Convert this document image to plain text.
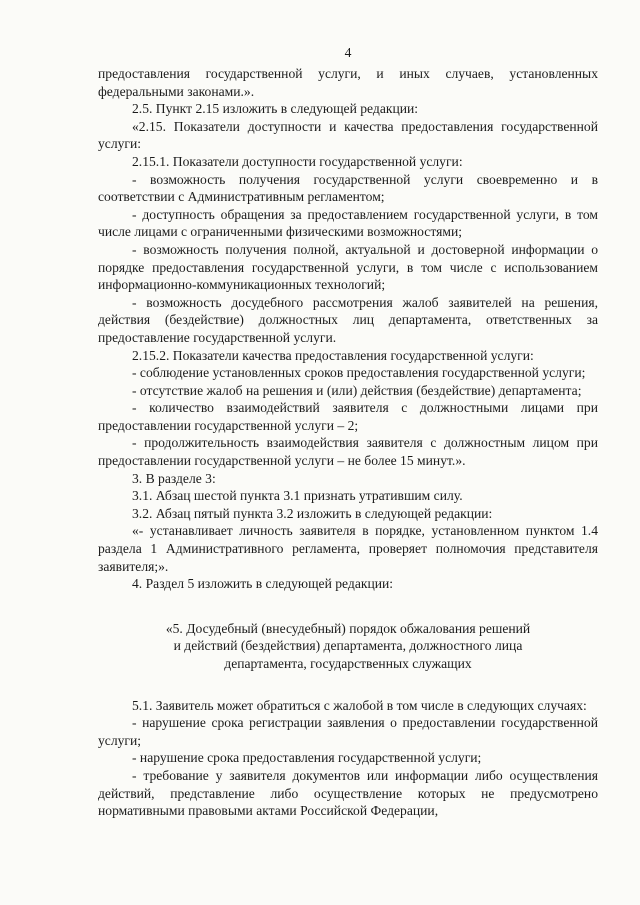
4

предоставления государственной услуги, и иных случаев, установленных федеральными законами.».

2.5. Пункт 2.15 изложить в следующей редакции:

«2.15. Показатели доступности и качества предоставления государственной услуги:

2.15.1. Показатели доступности государственной услуги:

- возможность получения государственной услуги своевременно и в соответствии с Административным регламентом;

- доступность обращения за предоставлением государственной услуги, в том числе лицами с ограниченными физическими возможностями;

- возможность получения полной, актуальной и достоверной информации о порядке предоставления государственной услуги, в том числе с использованием информационно-коммуникационных технологий;

- возможность досудебного рассмотрения жалоб заявителей на решения, действия (бездействие) должностных лиц департамента, ответственных за предоставление государственной услуги.

2.15.2. Показатели качества предоставления государственной услуги:

- соблюдение установленных сроков предоставления государственной услуги;

- отсутствие жалоб на решения и (или) действия (бездействие) департамента;

- количество взаимодействий заявителя с должностными лицами при предоставлении государственной услуги – 2;

- продолжительность взаимодействия заявителя с должностным лицом при предоставлении государственной услуги – не более 15 минут.».

3. В разделе 3:

3.1. Абзац шестой пункта 3.1 признать утратившим силу.

3.2. Абзац пятый пункта 3.2 изложить в следующей редакции:

«- устанавливает личность заявителя в порядке, установленном пунктом 1.4 раздела 1 Административного регламента, проверяет полномочия представителя заявителя;».

4. Раздел 5 изложить в следующей редакции:

«5. Досудебный (внесудебный) порядок обжалования решений
и действий (бездействия) департамента, должностного лица
департамента, государственных служащих

5.1. Заявитель может обратиться с жалобой в том числе в следующих случаях:

- нарушение срока регистрации заявления о предоставлении государственной услуги;

- нарушение срока предоставления государственной услуги;

- требование у заявителя документов или информации либо осуществления действий, представление либо осуществление которых не предусмотрено нормативными правовыми актами Российской Федерации,
